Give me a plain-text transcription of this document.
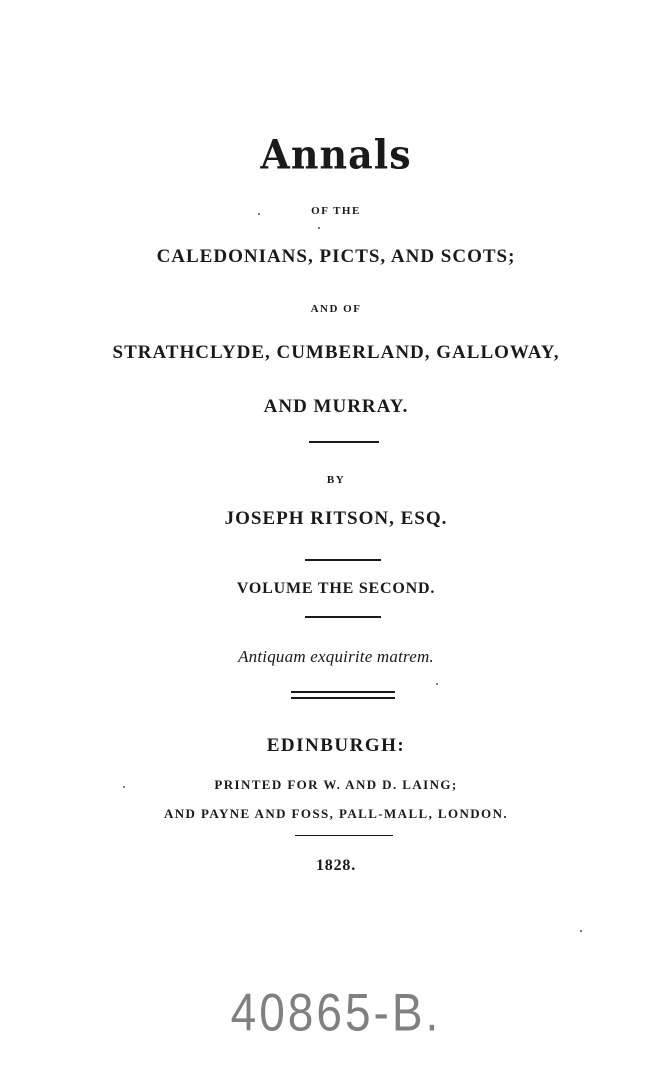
Annals
OF THE
CALEDONIANS, PICTS, AND SCOTS;
AND OF
STRATHCLYDE, CUMBERLAND, GALLOWAY,
AND MURRAY.
BY
JOSEPH RITSON, ESQ.
VOLUME THE SECOND.
Antiquam exquirite matrem.
EDINBURGH:
PRINTED FOR W. AND D. LAING;
AND PAYNE AND FOSS, PALL-MALL, LONDON.
1828.
40865-B.
